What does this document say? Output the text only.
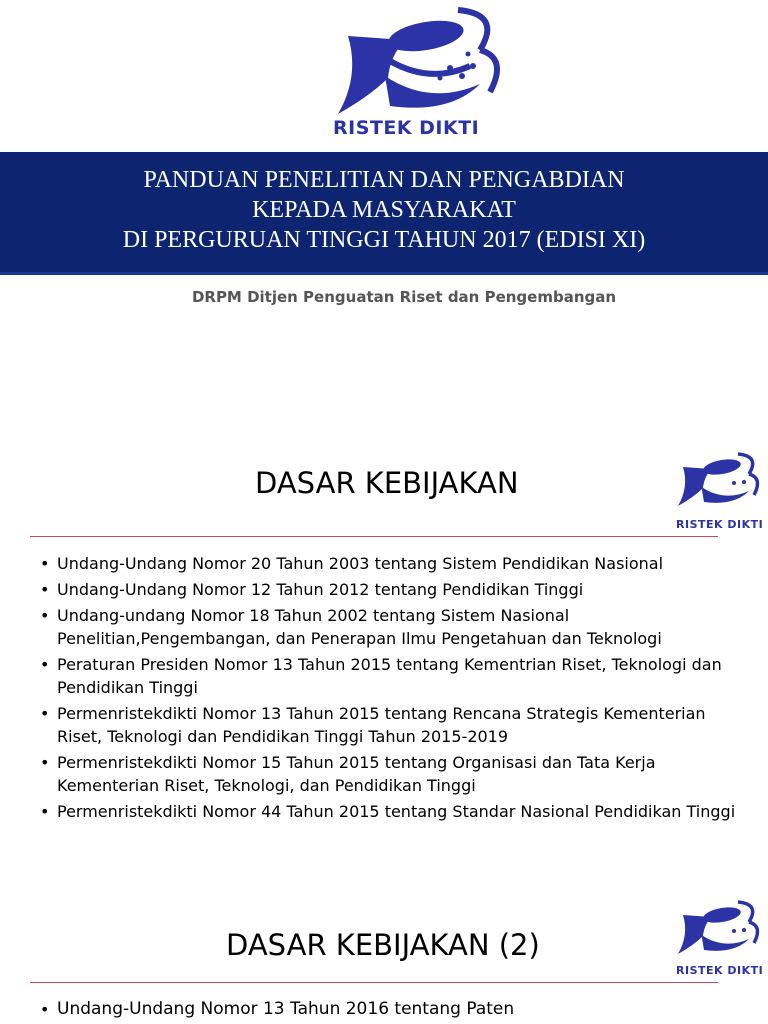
RISTEK DIKTI
PANDUAN PENELITIAN DAN PENGABDIAN
KEPADA MASYARAKAT
DI PERGURUAN TINGGI TAHUN 2017 (EDISI XI)
DRPM Ditjen Penguatan Riset dan Pengembangan
DASAR KEBIJAKAN
RISTEK DIKTI
• Undang-Undang Nomor 20 Tahun 2003 tentang Sistem Pendidikan Nasional
• Undang-Undang Nomor 12 Tahun 2012 tentang Pendidikan Tinggi
• Undang-undang Nomor 18 Tahun 2002 tentang Sistem Nasional Penelitian,Pengembangan, dan Penerapan Ilmu Pengetahuan dan Teknologi
• Peraturan Presiden Nomor 13 Tahun 2015 tentang Kementrian Riset, Teknologi dan Pendidikan Tinggi
• Permenristekdikti Nomor 13 Tahun 2015 tentang Rencana Strategis Kementerian Riset, Teknologi dan Pendidikan Tinggi Tahun 2015-2019
• Permenristekdikti Nomor 15 Tahun 2015 tentang Organisasi dan Tata Kerja Kementerian Riset, Teknologi, dan Pendidikan Tinggi
• Permenristekdikti Nomor 44 Tahun 2015 tentang Standar Nasional Pendidikan Tinggi
DASAR KEBIJAKAN (2)
RISTEK DIKTI
• Undang-Undang Nomor 13 Tahun 2016 tentang Paten
